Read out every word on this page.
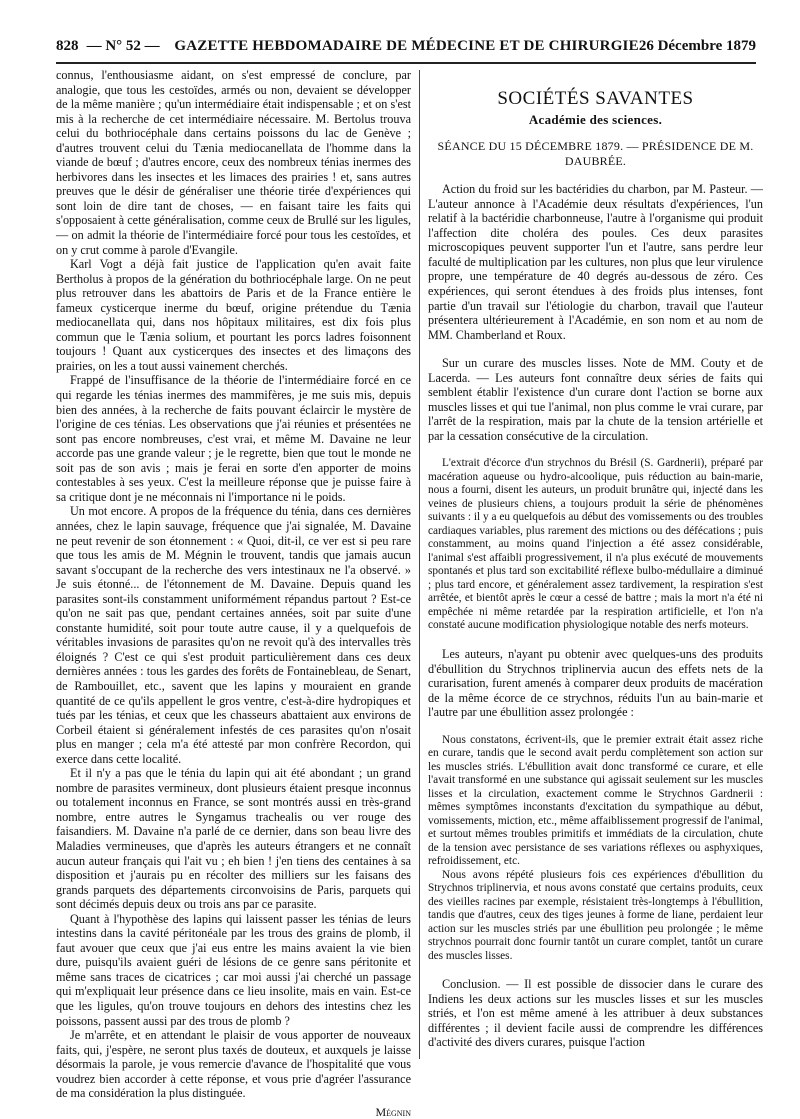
828 — N° 52 — GAZETTE HEBDOMADAIRE DE MÉDECINE ET DE CHIRURGIE 26 Décembre 1879

connus, l'enthousiasme aidant, on s'est empressé de conclure, par analogie, que tous les cestoïdes, armés ou non, devaient se développer de la même manière ; qu'un intermédiaire était indispensable ; et on s'est mis à la recherche de cet intermédiaire nécessaire. M. Bertolus trouva celui du bothriocéphale dans certains poissons du lac de Genève ; d'autres trouvent celui du Tænia mediocanellata de l'homme dans la viande de bœuf ; d'autres encore, ceux des nombreux ténias inermes des herbivores dans les insectes et les limaces des prairies ! et, sans autres preuves que le désir de généraliser une théorie tirée d'expériences qui sont loin de dire tant de choses, — en faisant taire les faits qui s'opposaient à cette généralisation, comme ceux de Brullé sur les ligules, — on admit la théorie de l'intermédiaire forcé pour tous les cestoïdes, et on y crut comme à parole d'Evangile.

Karl Vogt a déjà fait justice de l'application qu'en avait faite Bertholus à propos de la génération du bothriocéphale large. On ne peut plus retrouver dans les abattoirs de Paris et de la France entière le fameux cysticerque inerme du bœuf, origine prétendue du Tænia mediocanellata qui, dans nos hôpitaux militaires, est dix fois plus commun que le Tænia solium, et pourtant les porcs ladres foisonnent toujours ! Quant aux cysticerques des insectes et des limaçons des prairies, on les a tout aussi vainement cherchés.

Frappé de l'insuffisance de la théorie de l'intermédiaire forcé en ce qui regarde les ténias inermes des mammifères, je me suis mis, depuis bien des années, à la recherche de faits pouvant éclaircir le mystère de l'origine de ces ténias. Les observations que j'ai réunies et présentées ne sont pas encore nombreuses, c'est vrai, et même M. Davaine ne leur accorde pas une grande valeur ; je le regrette, bien que tout le monde ne soit pas de son avis ; mais je ferai en sorte d'en apporter de moins contestables à ses yeux. C'est la meilleure réponse que je puisse faire à sa critique dont je ne méconnais ni l'importance ni le poids.

Un mot encore. A propos de la fréquence du ténia, dans ces dernières années, chez le lapin sauvage, fréquence que j'ai signalée, M. Davaine ne peut revenir de son étonnement : « Quoi, dit-il, ce ver est si peu rare que tous les amis de M. Mégnin le trouvent, tandis que jamais aucun savant s'occupant de la recherche des vers intestinaux ne l'a observé. » Je suis étonné... de l'étonnement de M. Davaine. Depuis quand les parasites sont-ils constamment uniformément répandus partout ? Est-ce qu'on ne sait pas que, pendant certaines années, soit par suite d'une constante humidité, soit pour toute autre cause, il y a quelquefois de véritables invasions de parasites qu'on ne revoit qu'à des intervalles très éloignés ? C'est ce qui s'est produit particulièrement dans ces deux dernières années : tous les gardes des forêts de Fontainebleau, de Senart, de Rambouillet, etc., savent que les lapins y mouraient en grande quantité de ce qu'ils appellent le gros ventre, c'est-à-dire hydropiques et tués par les ténias, et ceux que les chasseurs abattaient aux environs de Corbeil étaient si généralement infestés de ces parasites qu'on n'osait plus en manger ; cela m'a été attesté par mon confrère Recordon, qui exerce dans cette localité.

Et il n'y a pas que le ténia du lapin qui ait été abondant ; un grand nombre de parasites vermineux, dont plusieurs étaient presque inconnus ou totalement inconnus en France, se sont montrés aussi en très-grand nombre, entre autres le Syngamus trachealis ou ver rouge des faisandiers. M. Davaine n'a parlé de ce dernier, dans son beau livre des Maladies vermineuses, que d'après les auteurs étrangers et ne connaît aucun auteur français qui l'ait vu ; eh bien ! j'en tiens des centaines à sa disposition et j'aurais pu en récolter des milliers sur les faisans des grands parquets des départements circonvoisins de Paris, parquets qui sont décimés depuis deux ou trois ans par ce parasite.

Quant à l'hypothèse des lapins qui laissent passer les ténias de leurs intestins dans la cavité péritonéale par les trous des grains de plomb, il faut avouer que ceux que j'ai eus entre les mains avaient la vie bien dure, puisqu'ils avaient guéri de lésions de ce genre sans péritonite et même sans traces de cicatrices ; car moi aussi j'ai cherché un passage qui m'expliquait leur présence dans ce lieu insolite, mais en vain. Est-ce que les ligules, qu'on trouve toujours en dehors des intestins chez les poissons, passent aussi par des trous de plomb ?

Je m'arrête, et en attendant le plaisir de vous apporter de nouveaux faits, qui, j'espère, ne seront plus taxés de douteux, et auxquels je laisse désormais la parole, je vous remercie d'avance de l'hospitalité que vous voudrez bien accorder à cette réponse, et vous prie d'agréer l'assurance de ma considération la plus distinguée.

Mégnin
SOCIÉTÉS SAVANTES
Académie des sciences.
SÉANCE DU 15 DÉCEMBRE 1879. — PRÉSIDENCE DE M. DAUBRÉE.

Action du froid sur les bactéridies du charbon, par M. Pasteur. — L'auteur annonce à l'Académie deux résultats d'expériences, l'un relatif à la bactéridie charbonneuse, l'autre à l'organisme qui produit l'affection dite choléra des poules. Ces deux parasites microscopiques peuvent supporter l'un et l'autre, sans perdre leur faculté de multiplication par les cultures, non plus que leur virulence propre, une température de 40 degrés au-dessous de zéro. Ces expériences, qui seront étendues à des froids plus intenses, font partie d'un travail sur l'étiologie du charbon, travail que l'auteur présentera ultérieurement à l'Académie, en son nom et au nom de MM. Chamberland et Roux.

Sur un curare des muscles lisses. Note de MM. Couty et de Lacerda. — Les auteurs font connaître deux séries de faits qui semblent établir l'existence d'un curare dont l'action se borne aux muscles lisses et qui tue l'animal, non plus comme le vrai curare, par l'arrêt de la respiration, mais par la chute de la tension artérielle et par la cessation consécutive de la circulation.

L'extrait d'écorce d'un strychnos du Brésil (S. Gardnerii), préparé par macération aqueuse ou hydro-alcoolique, puis réduction au bain-marie, nous a fourni, disent les auteurs, un produit brunâtre qui, injecté dans les veines de plusieurs chiens, a toujours produit la série de phénomènes suivants : il y a eu quelquefois au début des vomissements ou des troubles cardiaques variables, plus rarement des mictions ou des défécations ; puis constamment, au moins quand l'injection a été assez considérable, l'animal s'est affaibli progressivement, il n'a plus exécuté de mouvements spontanés et plus tard son excitabilité réflexe bulbo-médullaire a diminué ; plus tard encore, et généralement assez tardivement, la respiration s'est arrêtée, et bientôt après le cœur a cessé de battre ; mais la mort n'a été ni empêchée ni même retardée par la respiration artificielle, et l'on n'a constaté aucune modification physiologique notable des nerfs moteurs.

Les auteurs, n'ayant pu obtenir avec quelques-uns des produits d'ébullition du Strychnos triplinervia aucun des effets nets de la curarisation, furent amenés à comparer deux produits de macération de la même écorce de ce strychnos, réduits l'un au bain-marie et l'autre par une ébullition assez prolongée :

Nous constatons, écrivent-ils, que le premier extrait était assez riche en curare, tandis que le second avait perdu complètement son action sur les muscles striés. L'ébullition avait donc transformé ce curare, et elle l'avait transformé en une substance qui agissait seulement sur les muscles lisses et la circulation, exactement comme le Strychnos Gardnerii : mêmes symptômes inconstants d'excitation du sympathique au début, vomissements, miction, etc., même affaiblissement progressif de l'animal, et surtout mêmes troubles primitifs et immédiats de la circulation, chute de la tension avec persistance de ses variations réflexes ou asphyxiques, refroidissement, etc.

Nous avons répété plusieurs fois ces expériences d'ébullition du Strychnos triplinervia, et nous avons constaté que certains produits, ceux des vieilles racines par exemple, résistaient très-longtemps à l'ébullition, tandis que d'autres, ceux des tiges jeunes à forme de liane, perdaient leur action sur les muscles striés par une ébullition peu prolongée ; le même strychnos pourrait donc fournir tantôt un curare complet, tantôt un curare des muscles lisses.

Conclusion. — Il est possible de dissocier dans le curare des Indiens les deux actions sur les muscles lisses et sur les muscles striés, et l'on est même amené à les attribuer à deux substances différentes ; il devient facile aussi de comprendre les différences d'activité des divers curares, puisque l'action
